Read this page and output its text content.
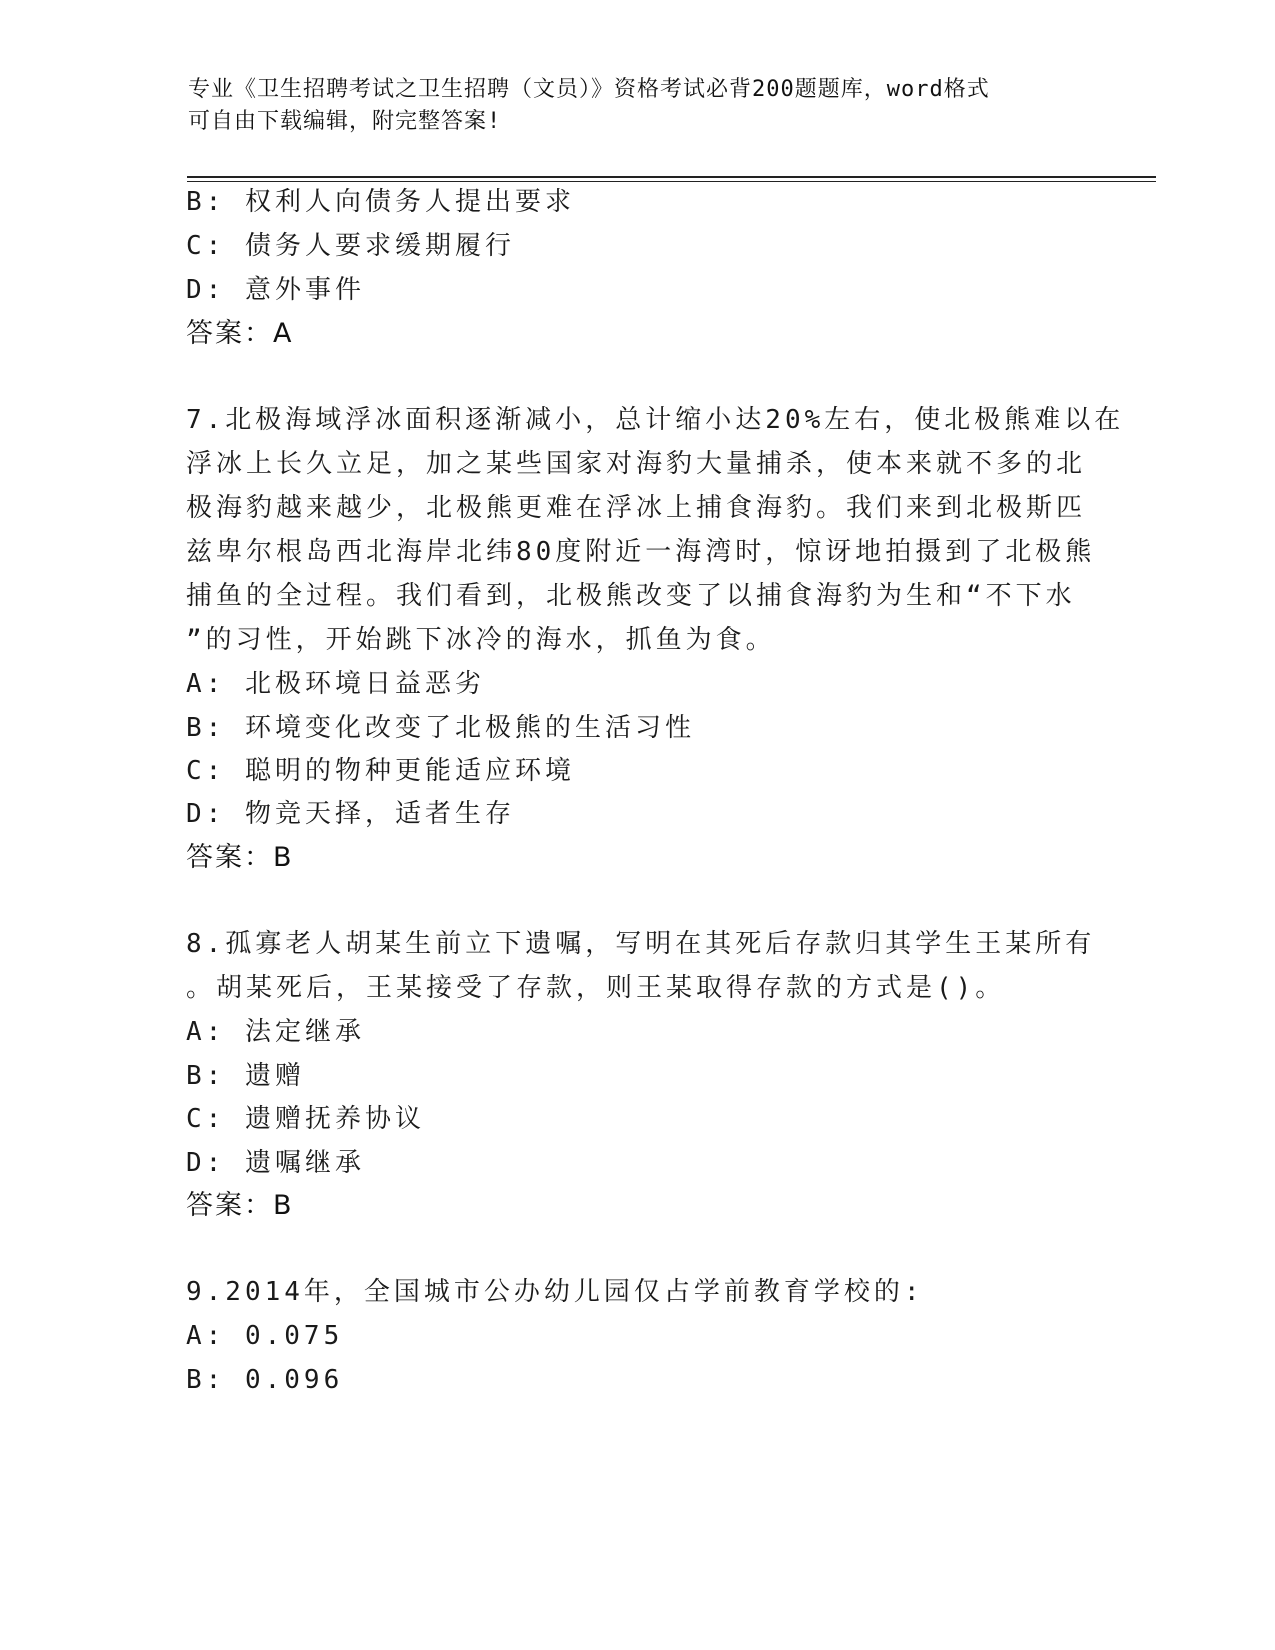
专业《卫生招聘考试之卫生招聘（文员）》资格考试必背200题题库，word格式
可自由下载编辑，附完整答案!
B: 权利人向债务人提出要求
C: 债务人要求缓期履行
D: 意外事件
答案：A
7.北极海域浮冰面积逐渐减小，总计缩小达20%左右，使北极熊难以在
浮冰上长久立足，加之某些国家对海豹大量捕杀，使本来就不多的北
极海豹越来越少，北极熊更难在浮冰上捕食海豹。我们来到北极斯匹
兹卑尔根岛西北海岸北纬80度附近一海湾时，惊讶地拍摄到了北极熊
捕鱼的全过程。我们看到，北极熊改变了以捕食海豹为生和“不下水
”的习性，开始跳下冰冷的海水，抓鱼为食。
A: 北极环境日益恶劣
B: 环境变化改变了北极熊的生活习性
C: 聪明的物种更能适应环境
D: 物竞天择，适者生存
答案：B
8.孤寡老人胡某生前立下遗嘱，写明在其死后存款归其学生王某所有
。胡某死后，王某接受了存款，则王某取得存款的方式是()。
A: 法定继承
B: 遗赠
C: 遗赠抚养协议
D: 遗嘱继承
答案：B
9.2014年，全国城市公办幼儿园仅占学前教育学校的:
A: 0.075
B: 0.096
